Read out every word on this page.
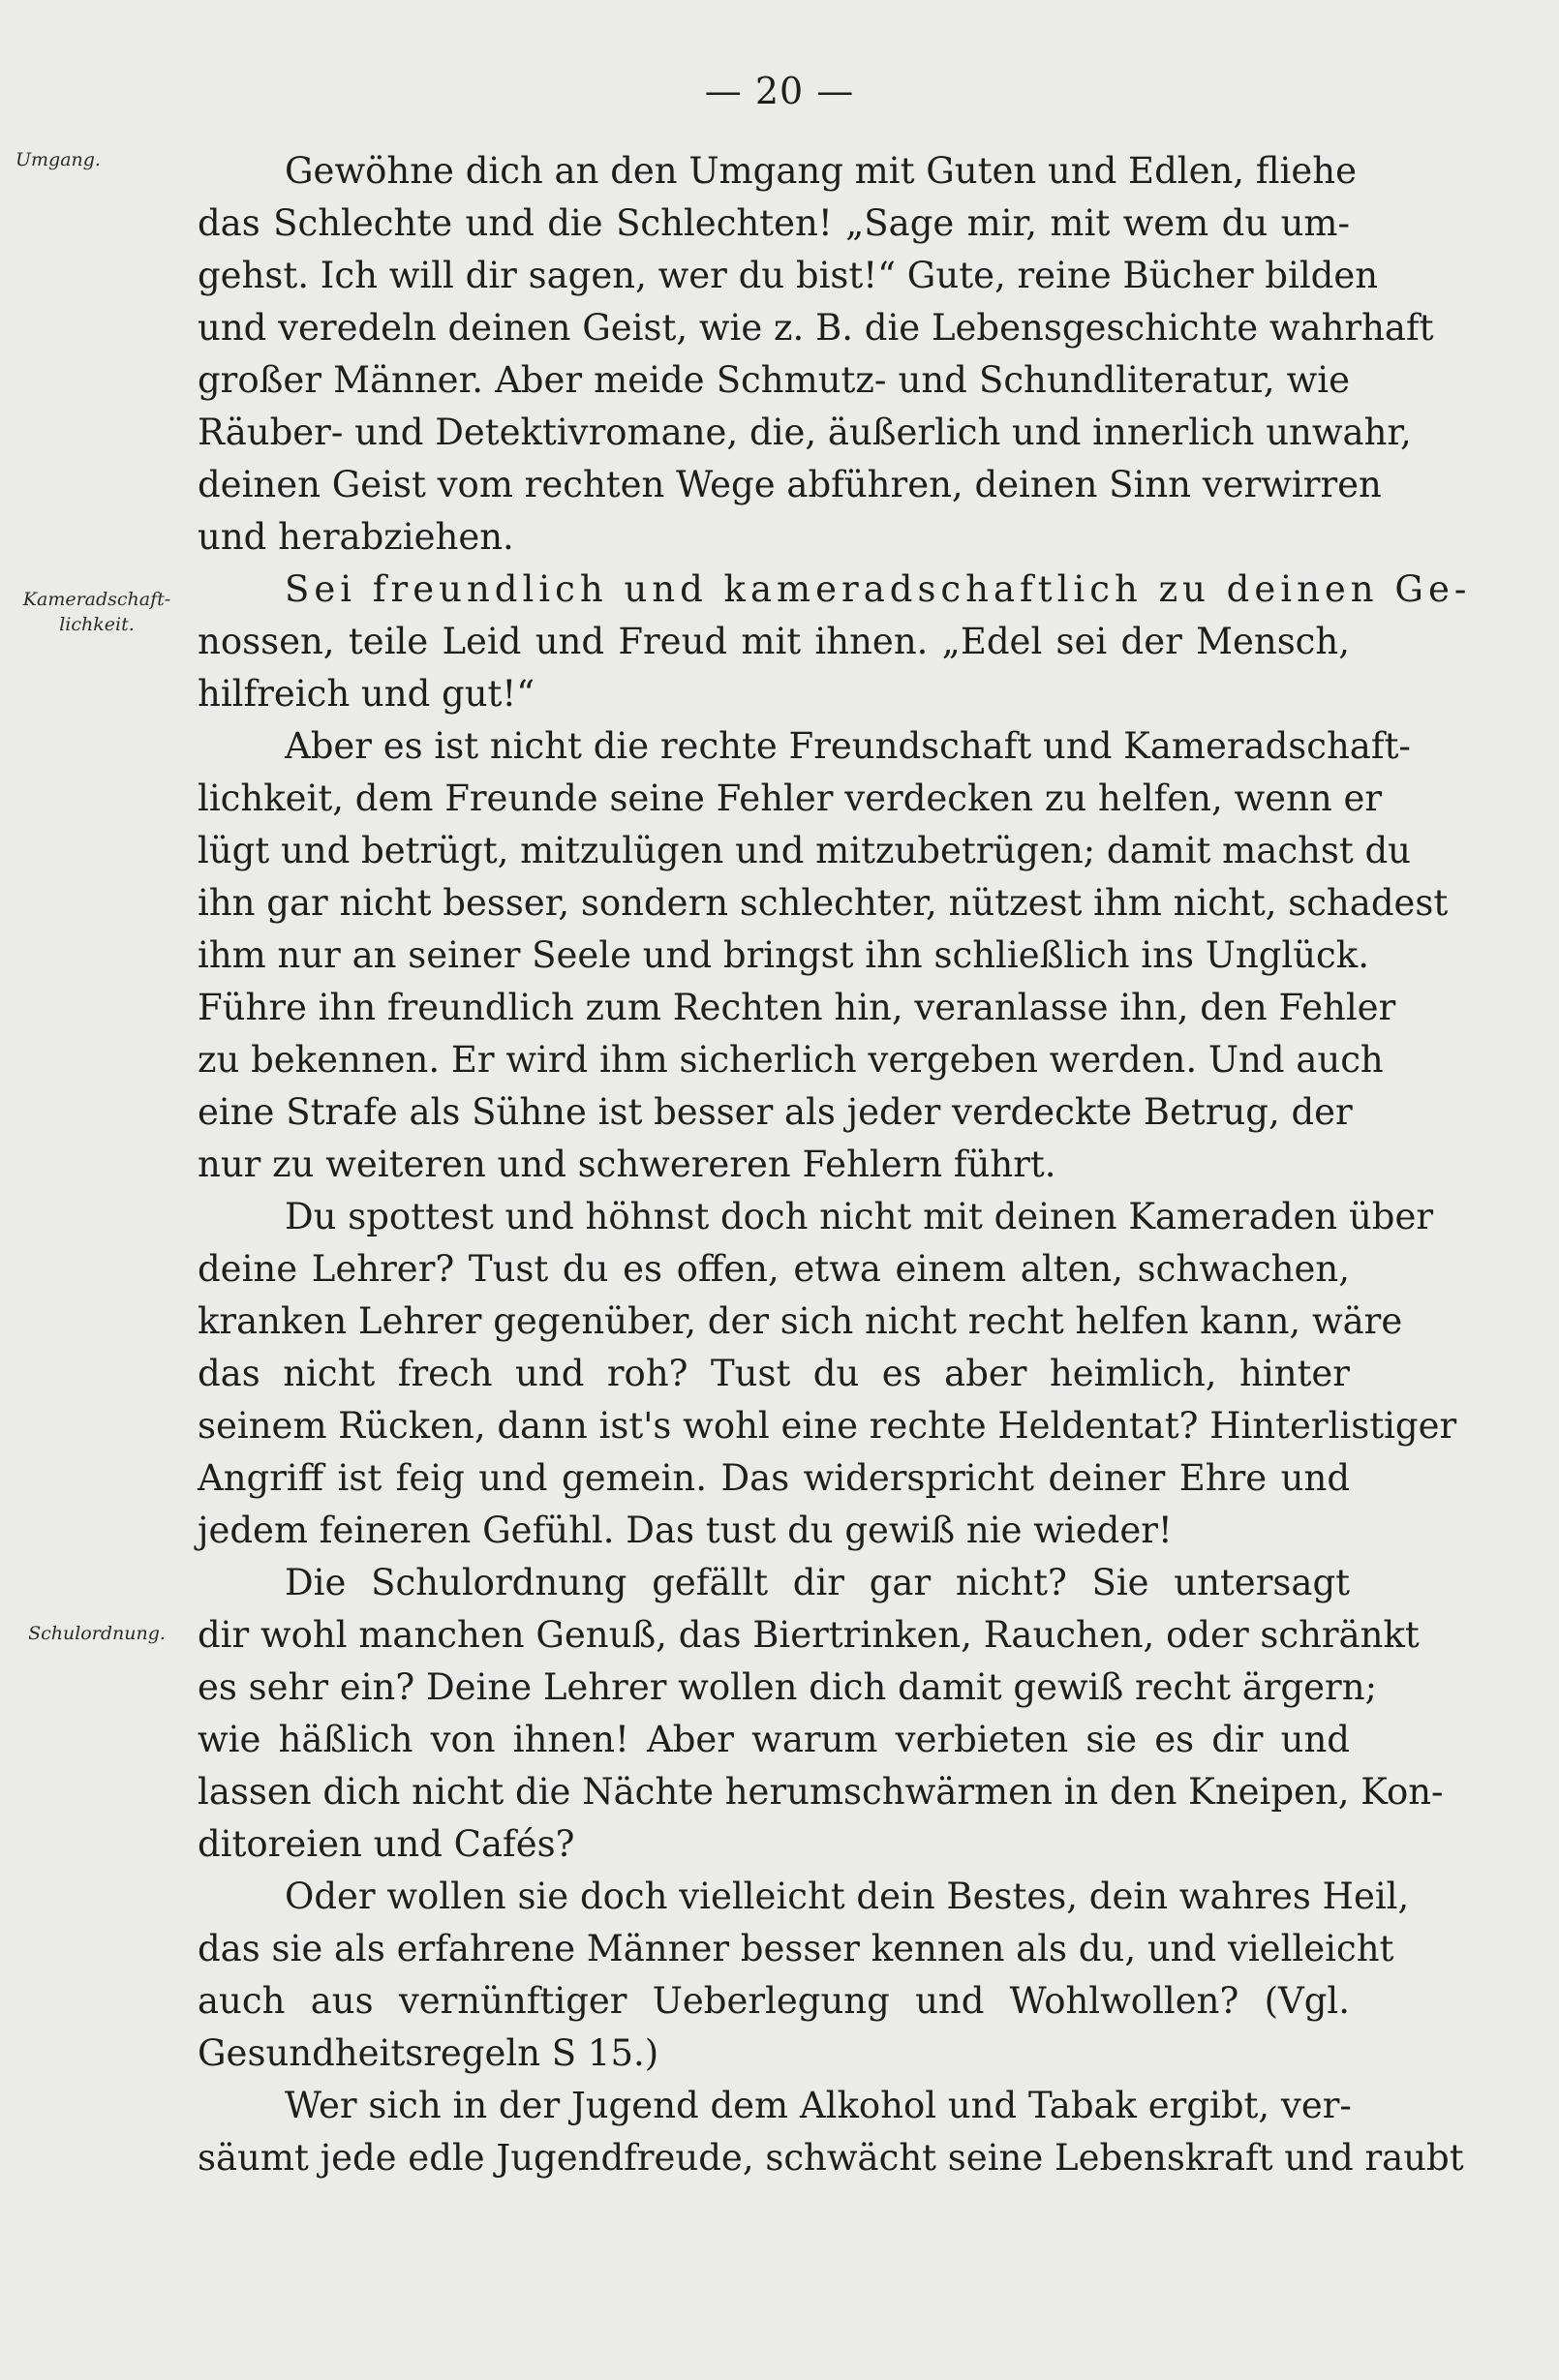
— 20 —
Umgang.
Kameradschaft-
lichkeit.
Schulordnung.
Gewöhne dich an den Umgang mit Guten und Edlen, fliehe
das Schlechte und die Schlechten! „Sage mir, mit wem du um-
gehst. Ich will dir sagen, wer du bist!“ Gute, reine Bücher bilden
und veredeln deinen Geist, wie z. B. die Lebensgeschichte wahrhaft
großer Männer. Aber meide Schmutz- und Schundliteratur, wie
Räuber- und Detektivromane, die, äußerlich und innerlich unwahr,
deinen Geist vom rechten Wege abführen, deinen Sinn verwirren
und herabziehen.
Sei freundlich und kameradschaftlich zu deinen Ge-
nossen, teile Leid und Freud mit ihnen. „Edel sei der Mensch,
hilfreich und gut!“
Aber es ist nicht die rechte Freundschaft und Kameradschaft-
lichkeit, dem Freunde seine Fehler verdecken zu helfen, wenn er
lügt und betrügt, mitzulügen und mitzubetrügen; damit machst du
ihn gar nicht besser, sondern schlechter, nützest ihm nicht, schadest
ihm nur an seiner Seele und bringst ihn schließlich ins Unglück.
Führe ihn freundlich zum Rechten hin, veranlasse ihn, den Fehler
zu bekennen. Er wird ihm sicherlich vergeben werden. Und auch
eine Strafe als Sühne ist besser als jeder verdeckte Betrug, der
nur zu weiteren und schwereren Fehlern führt.
Du spottest und höhnst doch nicht mit deinen Kameraden über
deine Lehrer? Tust du es offen, etwa einem alten, schwachen,
kranken Lehrer gegenüber, der sich nicht recht helfen kann, wäre
das nicht frech und roh? Tust du es aber heimlich, hinter
seinem Rücken, dann ist's wohl eine rechte Heldentat? Hinterlistiger
Angriff ist feig und gemein. Das widerspricht deiner Ehre und
jedem feineren Gefühl. Das tust du gewiß nie wieder!
Die Schulordnung gefällt dir gar nicht? Sie untersagt
dir wohl manchen Genuß, das Biertrinken, Rauchen, oder schränkt
es sehr ein? Deine Lehrer wollen dich damit gewiß recht ärgern;
wie häßlich von ihnen! Aber warum verbieten sie es dir und
lassen dich nicht die Nächte herumschwärmen in den Kneipen, Kon-
ditoreien und Cafés?
Oder wollen sie doch vielleicht dein Bestes, dein wahres Heil,
das sie als erfahrene Männer besser kennen als du, und vielleicht
auch aus vernünftiger Ueberlegung und Wohlwollen? (Vgl.
Gesundheitsregeln S 15.)
Wer sich in der Jugend dem Alkohol und Tabak ergibt, ver-
säumt jede edle Jugendfreude, schwächt seine Lebenskraft und raubt
